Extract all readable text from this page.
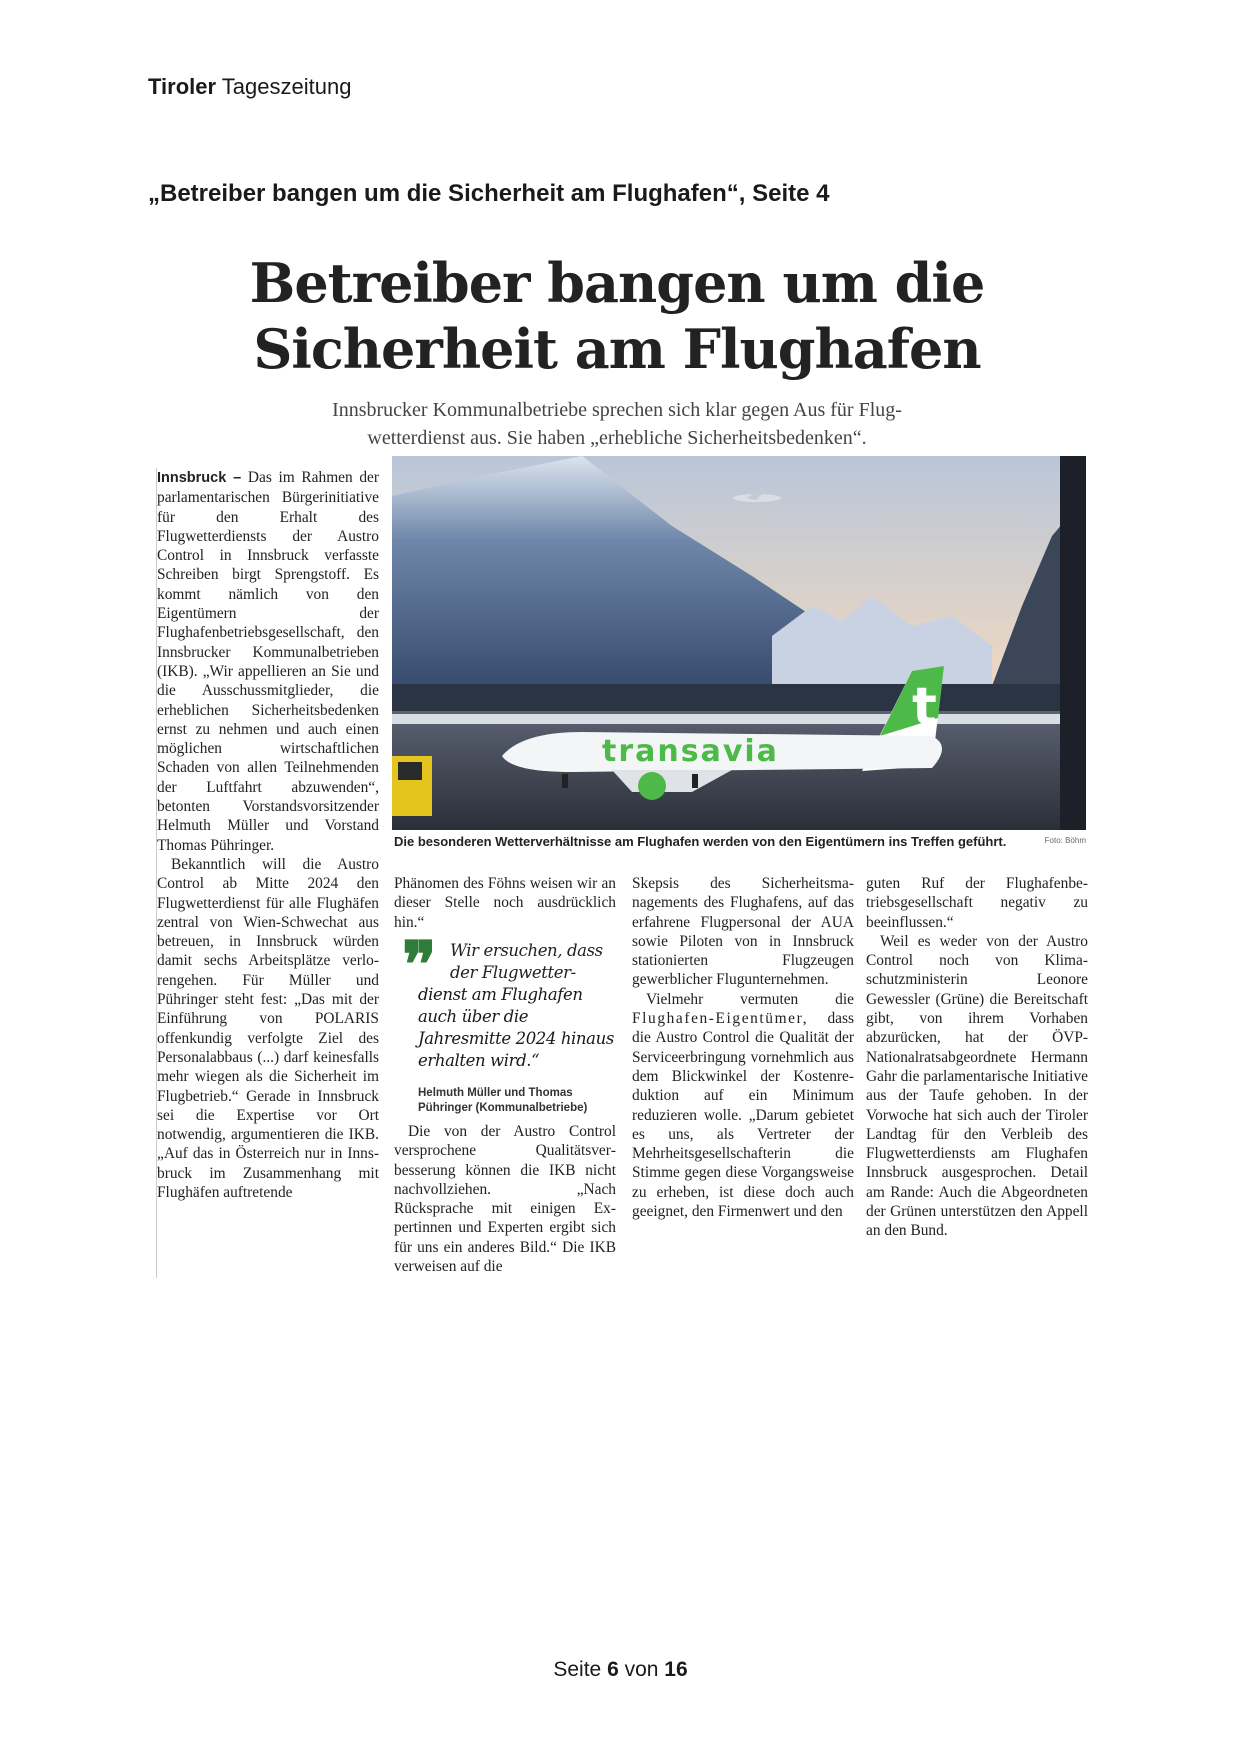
Tiroler Tageszeitung
„Betreiber bangen um die Sicherheit am Flughafen“, Seite 4
Betreiber bangen um die
Sicherheit am Flughafen

Innsbrucker Kommunalbetriebe sprechen sich klar gegen Aus für Flug-
wetterdienst aus. Sie haben „erhebliche Sicherheitsbedenken“.

Innsbruck – Das im Rahmen der parlamentarischen Bürgerinitiative für den Erhalt des Flugwetterdiensts der Austro Control in Innsbruck verfasste Schreiben birgt Sprengstoff. Es kommt nämlich von den Eigentümern der Flughafenbetriebsgesellschaft, den Innsbrucker Kommunalbetrieben (IKB). „Wir appellieren an Sie und die Ausschussmitglieder, die erheblichen Sicherheitsbedenken ernst zu nehmen und auch einen möglichen wirtschaftlichen Schaden von allen Teilnehmenden der Luftfahrt abzuwenden“, betonten Vorstandsvorsitzender Helmuth Müller und Vorstand Thomas Pühringer.

Bekanntlich will die Austro Control ab Mitte 2024 den Flugwetterdienst für alle Flughäfen zentral von Wien-Schwechat aus betreuen, in Innsbruck würden damit sechs Arbeitsplätze verlorengehen. Für Müller und Pühringer steht fest: „Das mit der Einführung von POLARIS offenkundig verfolgte Ziel des Personalabbaus (...) darf keinesfalls mehr wiegen als die Sicherheit im Flugbetrieb.“ Gerade in Innsbruck sei die Expertise vor Ort notwendig, argumentieren die IKB. „Auf das in Österreich nur in Innsbruck im Zusammenhang mit Flughäfen auftretende

t
transavia
Die besonderen Wetterverhältnisse am Flughafen werden von den Eigentümern ins Treffen geführt.	Foto: Böhm

Phänomen des Föhns weisen wir an dieser Stelle noch ausdrücklich hin.“

❞ Wir ersuchen, dass der Flugwetter-

dienst am Flughafen auch über die Jahresmitte 2024 hinaus erhalten wird.“

Helmuth Müller und Thomas Pühringer (Kommunalbetriebe)

Die von der Austro Control versprochene Qualitätsverbesserung können die IKB nicht nachvollziehen. „Nach Rücksprache mit einigen Expertinnen und Experten ergibt sich für uns ein anderes Bild.“ Die IKB verweisen auf die

Skepsis des Sicherheitsmanagements des Flughafens, auf das erfahrene Flugpersonal der AUA sowie Piloten von in Innsbruck stationierten Flugzeugen gewerblicher Flugunternehmen.

Vielmehr vermuten die Flughafen-Eigentümer, dass die Austro Control die Qualität der Serviceerbringung vornehmlich aus dem Blickwinkel der Kostenreduktion auf ein Minimum reduzieren wolle. „Darum gebietet es uns, als Vertreter der Mehrheitsgesellschafterin die Stimme gegen diese Vorgangsweise zu erheben, ist diese doch auch geeignet, den Firmenwert und den

guten Ruf der Flughafenbetriebsgesellschaft negativ zu beeinflussen.“

Weil es weder von der Austro Control noch von Klimaschutzministerin Leonore Gewessler (Grüne) die Bereitschaft gibt, von ihrem Vorhaben abzurücken, hat der ÖVP-Nationalratsabgeordnete Hermann Gahr die parlamentarische Initiative aus der Taufe gehoben. In der Vorwoche hat sich auch der Tiroler Landtag für den Verbleib des Flugwetterdiensts am Flughafen Innsbruck ausgesprochen. Detail am Rande: Auch die Abgeordneten der Grünen unterstützen den Appell an den Bund.

Seite 6 von 16
